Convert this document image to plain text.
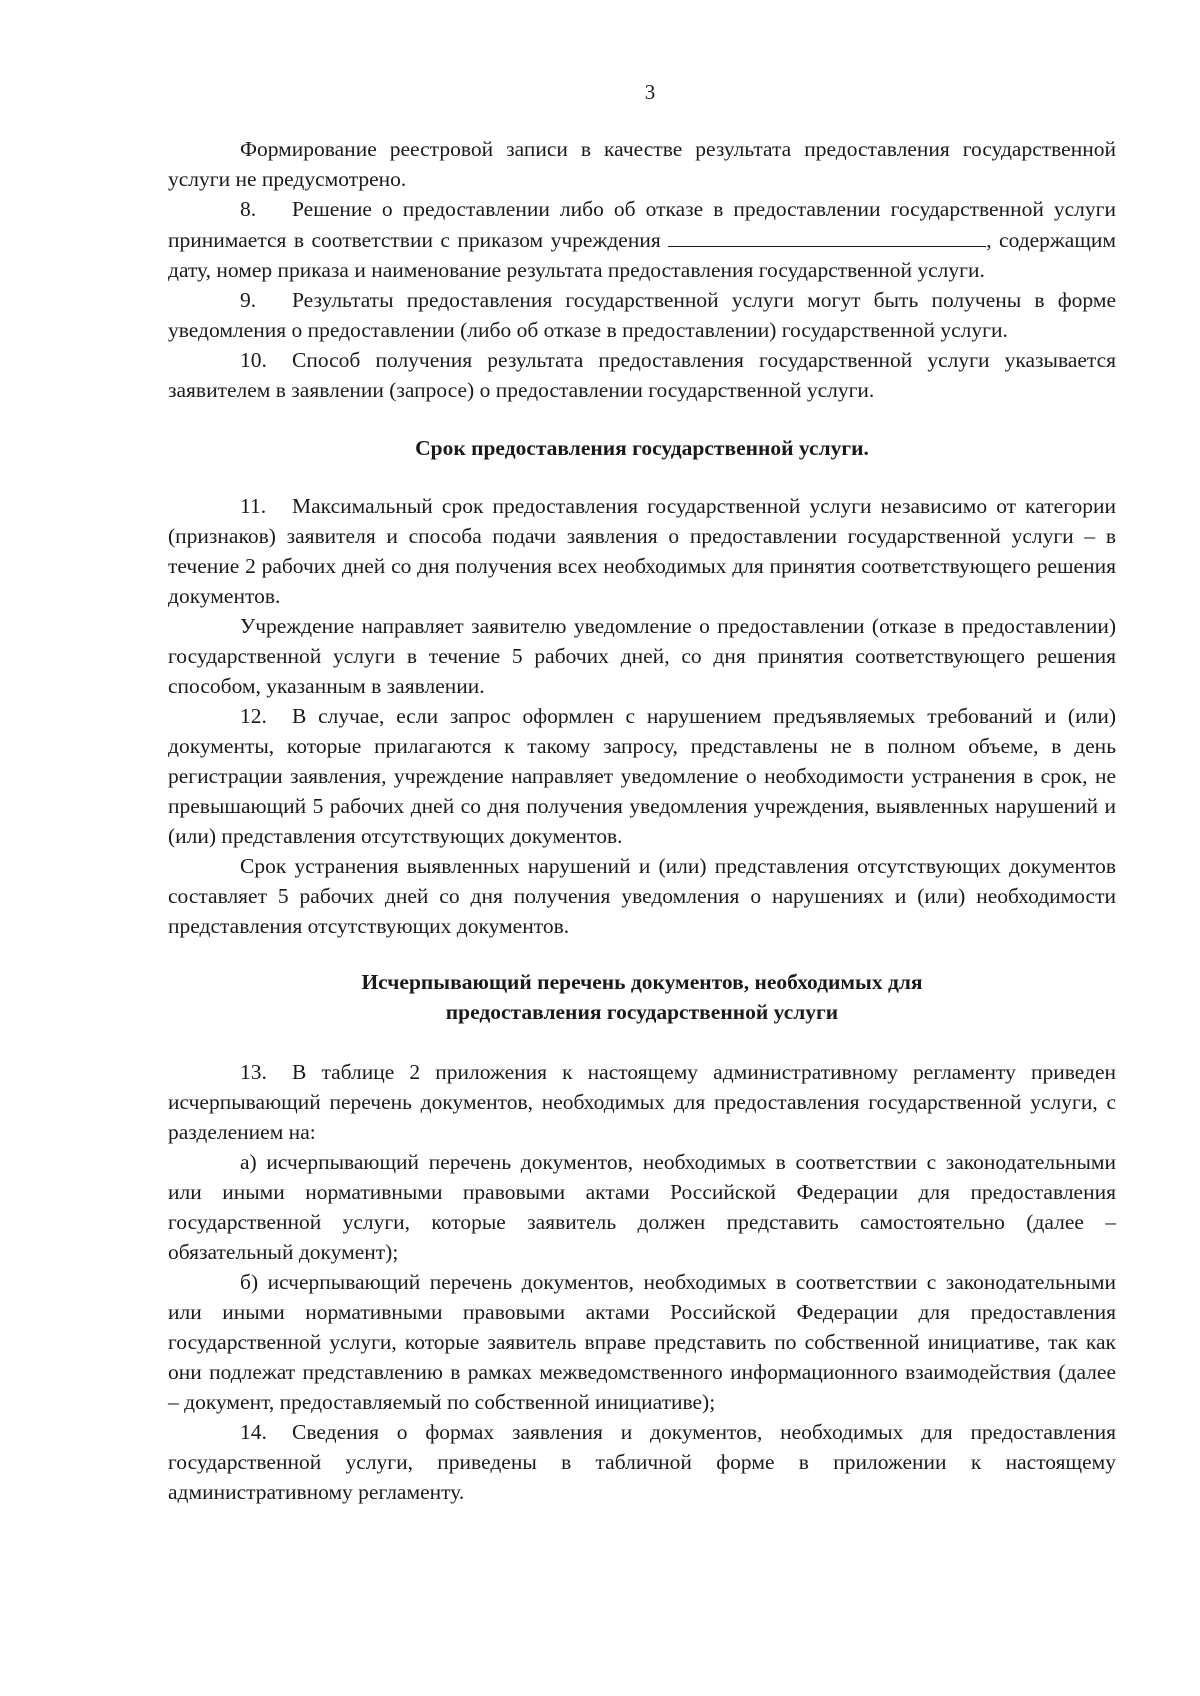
3

Формирование реестровой записи в качестве результата предоставления государственной услуги не предусмотрено.

8. Решение о предоставлении либо об отказе в предоставлении государственной услуги принимается в соответствии с приказом учреждения	, содержащим дату, номер приказа и наименование результата предоставления государственной услуги.

9. Результаты предоставления государственной услуги могут быть получены в форме уведомления о предоставлении (либо об отказе в предоставлении) государственной услуги.

10. Способ получения результата предоставления государственной услуги указывается заявителем в заявлении (запросе) о предоставлении государственной услуги.

Срок предоставления государственной услуги.

11. Максимальный срок предоставления государственной услуги независимо от категории (признаков) заявителя и способа подачи заявления о предоставлении государственной услуги – в течение 2 рабочих дней со дня получения всех необходимых для принятия соответствующего решения документов.

Учреждение направляет заявителю уведомление о предоставлении (отказе в предоставлении) государственной услуги в течение 5 рабочих дней, со дня принятия соответствующего решения способом, указанным в заявлении.

12. В случае, если запрос оформлен с нарушением предъявляемых требований и (или) документы, которые прилагаются к такому запросу, представлены не в полном объеме, в день регистрации заявления, учреждение направляет уведомление о необходимости устранения в срок, не превышающий 5 рабочих дней со дня получения уведомления учреждения, выявленных нарушений и (или) представления отсутствующих документов.

Срок устранения выявленных нарушений и (или) представления отсутствующих документов составляет 5 рабочих дней со дня получения уведомления о нарушениях и (или) необходимости представления отсутствующих документов.

Исчерпывающий перечень документов, необходимых для
предоставления государственной услуги

13. В таблице 2 приложения к настоящему административному регламенту приведен исчерпывающий перечень документов, необходимых для предоставления государственной услуги, с разделением на:

а) исчерпывающий перечень документов, необходимых в соответствии с законодательными или иными нормативными правовыми актами Российской Федерации для предоставления государственной услуги, которые заявитель должен представить самостоятельно (далее – обязательный документ);

б) исчерпывающий перечень документов, необходимых в соответствии с законодательными или иными нормативными правовыми актами Российской Федерации для предоставления государственной услуги, которые заявитель вправе представить по собственной инициативе, так как они подлежат представлению в рамках межведомственного информационного взаимодействия (далее – документ, предоставляемый по собственной инициативе);

14. Сведения о формах заявления и документов, необходимых для предоставления государственной услуги, приведены в табличной форме в приложении к настоящему административному регламенту.
